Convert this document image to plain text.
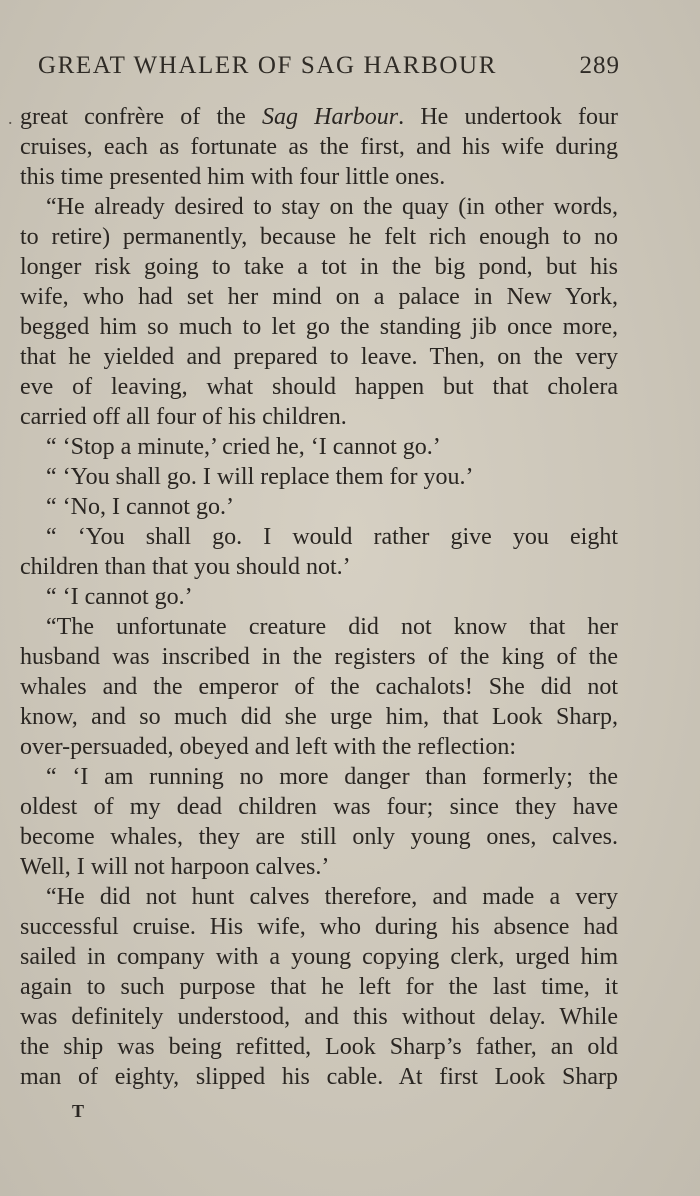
GREAT WHALER OF SAG HARBOUR	289
. great confrère of the Sag Harbour. He undertook four
cruises, each as fortunate as the first, and his wife during
this time presented him with four little ones.
“He already desired to stay on the quay (in other words,
to retire) permanently, because he felt rich enough to no
longer risk going to take a tot in the big pond, but his
wife, who had set her mind on a palace in New York,
begged him so much to let go the standing jib once more,
that he yielded and prepared to leave. Then, on the very
eve of leaving, what should happen but that cholera
carried off all four of his children.
“ ‘Stop a minute,’ cried he, ‘I cannot go.’
“ ‘You shall go. I will replace them for you.’
“ ‘No, I cannot go.’
“ ‘You shall go. I would rather give you eight
children than that you should not.’
“ ‘I cannot go.’
“The unfortunate creature did not know that her
husband was inscribed in the registers of the king of the
whales and the emperor of the cachalots! She did not
know, and so much did she urge him, that Look Sharp,
over-persuaded, obeyed and left with the reflection:
“ ‘I am running no more danger than formerly; the
oldest of my dead children was four; since they have
become whales, they are still only young ones, calves.
Well, I will not harpoon calves.’
“He did not hunt calves therefore, and made a very
successful cruise. His wife, who during his absence had
sailed in company with a young copying clerk, urged him
again to such purpose that he left for the last time, it
was definitely understood, and this without delay. While
the ship was being refitted, Look Sharp’s father, an old
man of eighty, slipped his cable. At first Look Sharp
T
